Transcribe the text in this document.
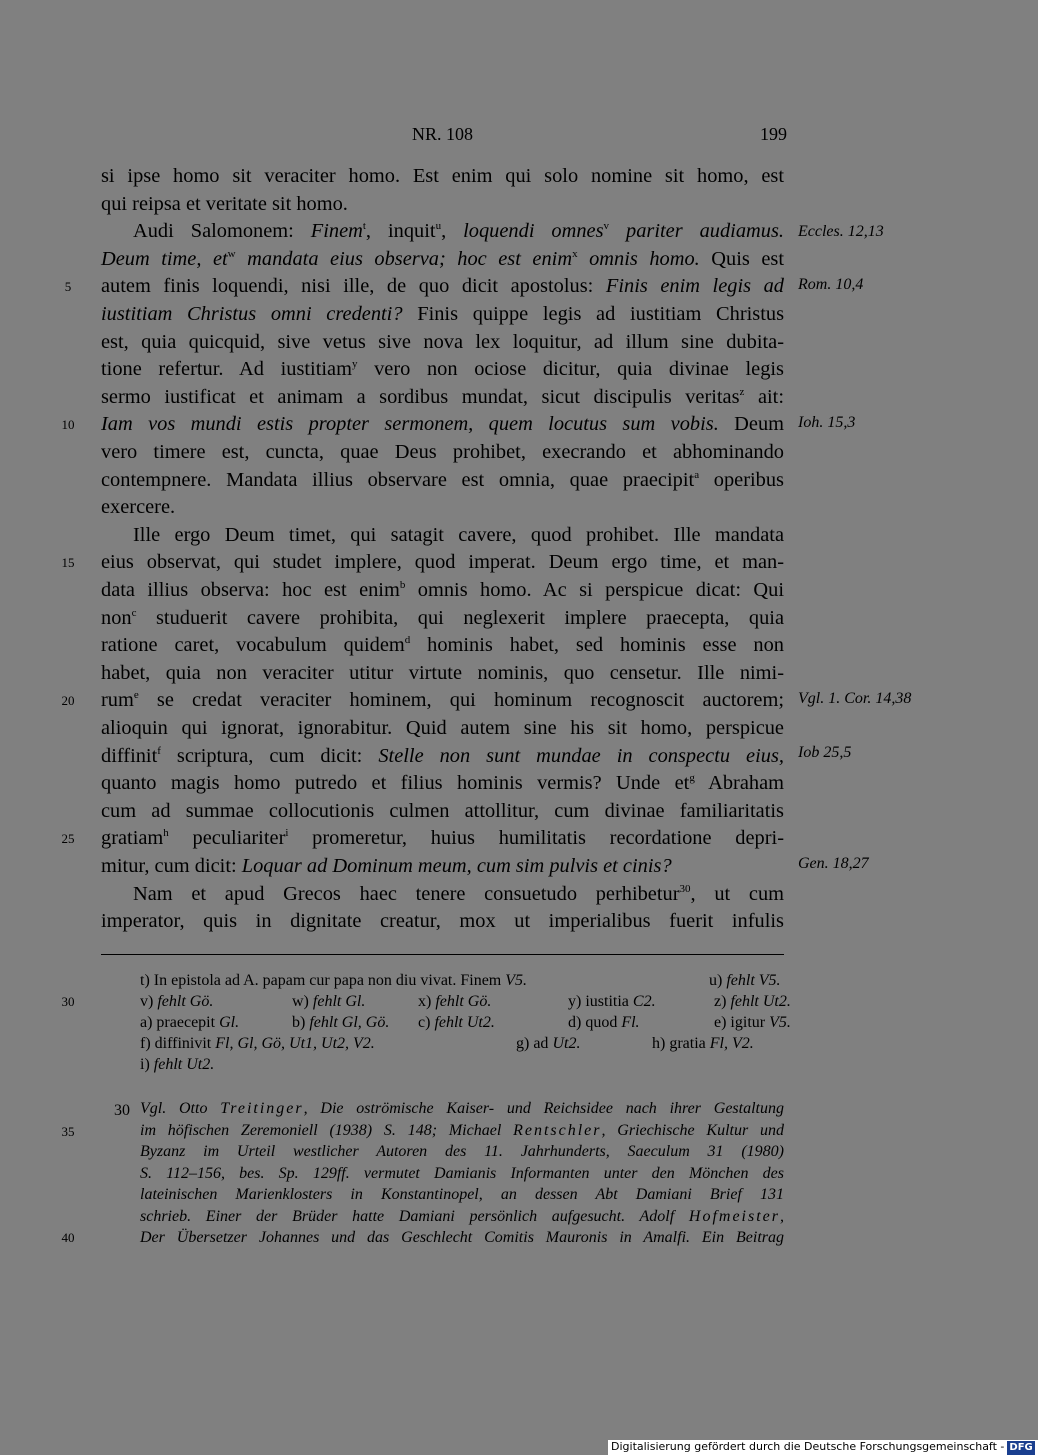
NR. 108	199
si ipse homo sit veraciter homo. Est enim qui solo nomine sit homo, est
qui reipsa et veritate sit homo.
Audi Salomonem: Finem$^t$, inquit$^u$, loquendi omnes$^v$ pariter audiamus.
Deum time, $et^w$ mandata eius observa; hoc est enim$^x$ omnis homo. Quis est
autem finis loquendi, nisi ille, de quo dicit apostolus: Finis enim legis ad
iustitiam Christus omni credenti? Finis quippe legis ad iustitiam Christus
est, quia quicquid, sive vetus sive nova lex loquitur, ad illum sine dubita-
tione refertur. Ad iustitiam$^y$ vero non ociose dicitur, quia divinae legis
sermo iustificat et animam a sordibus mundat, sicut discipulis veritas$^z$ ait:
Iam vos mundi estis propter sermonem, quem locutus sum vobis. Deum
vero timere est, cuncta, quae Deus prohibet, execrando et abhominando
contempnere. Mandata illius observare est omnia, quae praecipit$^a$ operibus
exercere.
Ille ergo Deum timet, qui satagit cavere, quod prohibet. Ille mandata
eius observat, qui studet implere, quod imperat. Deum ergo time, et man-
data illius observa: hoc est enim$^b$ omnis homo. Ac si perspicue dicat: Qui
non$^c$ studuerit cavere prohibita, qui neglexerit implere praecepta, quia
ratione caret, vocabulum quidem$^d$ hominis habet, sed hominis esse non
habet, quia non veraciter utitur virtute nominis, quo censetur. Ille nimi-
rum$^e$ se credat veraciter hominem, qui hominum recognoscit auctorem;
alioquin qui ignorat, ignorabitur. Quid autem sine his sit homo, perspicue
diffinit$^f$ scriptura, cum dicit: Stelle non sunt mundae in conspectu eius,
quanto magis homo putredo et filius hominis vermis? Unde $et^g$ Abraham
cum ad summae collocutionis culmen attollitur, cum divinae familiaritatis
gratiam$^h$ peculiariter$^i$ promeretur, huius humilitatis recordatione depri-
mitur, cum dicit: Loquar ad Dominum meum, cum sim pulvis et cinis?
Nam et apud Grecos haec tenere consuetudo perhibetur$^{30}$, ut cum
imperator, quis in dignitate creatur, mox ut imperialibus fuerit infulis
5
10
15
20
25
30
35
40
Eccles. 12,13
Rom. 10,4
Ioh. 15,3
Vgl. 1. Cor. 14,38
Iob 25,5
Gen. 18,27
t) In epistola ad A. papam cur papa non diu vivat. Finem V5.	u) fehlt V5.
v) fehlt Gö.	w) fehlt Gl.	x) fehlt Gö.	y) iustitia C2.	z) fehlt Ut2.
a) praecepit Gl.	b) fehlt Gl, Gö. c) fehlt Ut2.	d) quod Fl.	e) igitur V5.
f) diffinivit Fl, Gl, Gö, Ut1, Ut2, V2.	g) ad Ut2.	h) gratia Fl, V2.
i) fehlt Ut2.
30 Vgl. Otto Treitinger, Die oströmische Kaiser- und Reichsidee nach ihrer Gestaltung
im höfischen Zeremoniell (1938) S. 148; Michael Rentschler, Griechische Kultur und
Byzanz im Urteil westlicher Autoren des 11. Jahrhunderts, Saeculum 31 (1980)
S. 112–156, bes. Sp. 129ff. vermutet Damianis Informanten unter den Mönchen des
lateinischen Marienklosters in Konstantinopel, an dessen Abt Damiani Brief 131
schrieb. Einer der Brüder hatte Damiani persönlich aufgesucht. Adolf Hofmeister,
Der Übersetzer Johannes und das Geschlecht Comitis Mauronis in Amalfi. Ein Beitrag
Digitalisierung gefördert durch die Deutsche Forschungsgemeinschaft - DFG
